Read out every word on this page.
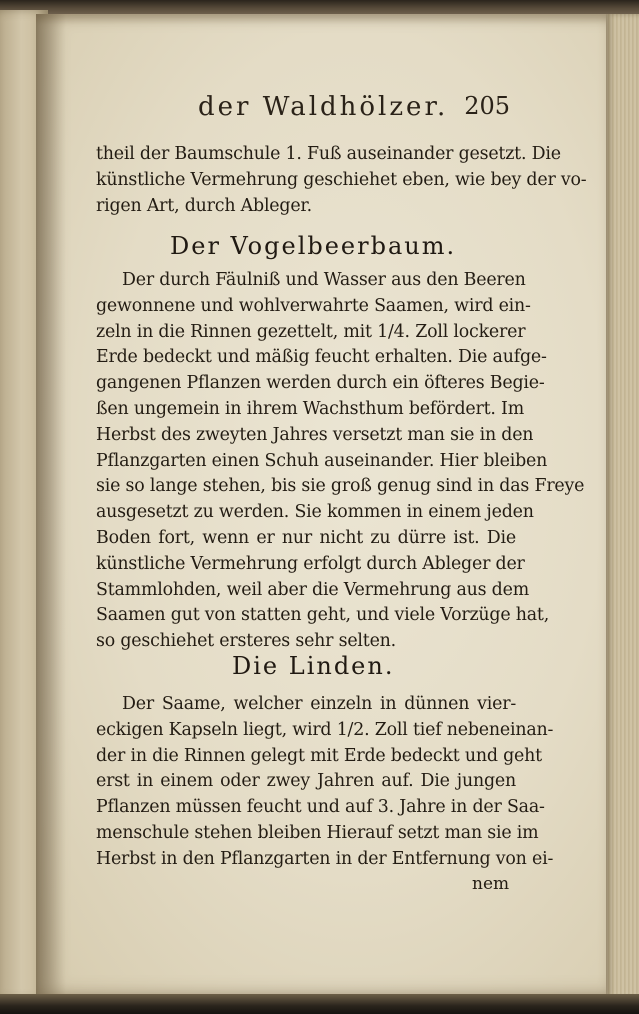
der Waldhölzer. 205
theil der Baumschule 1. Fuß auseinander gesetzt. Die
künstliche Vermehrung geschiehet eben, wie bey der vo-
rigen Art, durch Ableger.
Der Vogelbeerbaum.
Der durch Fäulniß und Wasser aus den Beeren
gewonnene und wohlverwahrte Saamen, wird ein-
zeln in die Rinnen gezettelt, mit 1/4. Zoll lockerer
Erde bedeckt und mäßig feucht erhalten. Die aufge-
gangenen Pflanzen werden durch ein öfteres Begie-
ßen ungemein in ihrem Wachsthum befördert. Im
Herbst des zweyten Jahres versetzt man sie in den
Pflanzgarten einen Schuh auseinander. Hier bleiben
sie so lange stehen, bis sie groß genug sind in das Freye
ausgesetzt zu werden. Sie kommen in einem jeden
Boden fort, wenn er nur nicht zu dürre ist. Die
künstliche Vermehrung erfolgt durch Ableger der
Stammlohden, weil aber die Vermehrung aus dem
Saamen gut von statten geht, und viele Vorzüge hat,
so geschiehet ersteres sehr selten.
Die Linden.
Der Saame, welcher einzeln in dünnen vier-
eckigen Kapseln liegt, wird 1/2. Zoll tief nebeneinan-
der in die Rinnen gelegt mit Erde bedeckt und geht
erst in einem oder zwey Jahren auf. Die jungen
Pflanzen müssen feucht und auf 3. Jahre in der Saa-
menschule stehen bleiben Hierauf setzt man sie im
Herbst in den Pflanzgarten in der Entfernung von ei-
nem
